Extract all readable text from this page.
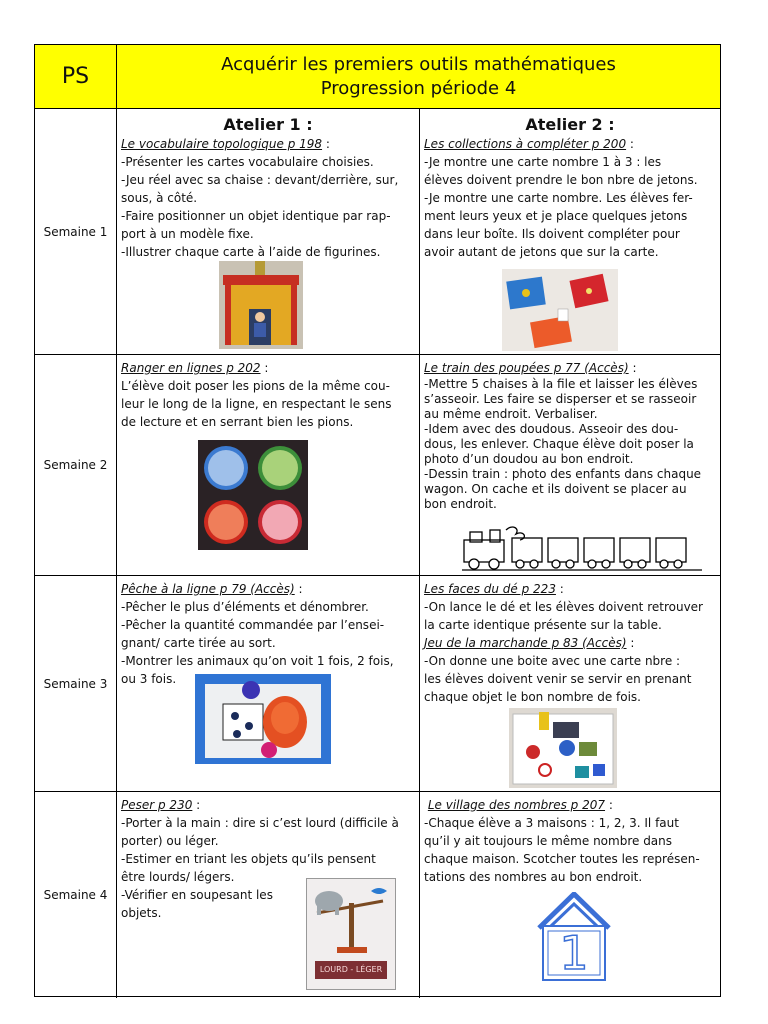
PS	Acquérir les premiers outils mathématiques
Progression période 4
Semaine 1
Atelier 1 :
Le vocabulaire topologique p 198 :
-Présenter les cartes vocabulaire choisies.
-Jeu réel avec sa chaise : devant/derrière, sur,
sous, à côté.
-Faire positionner un objet identique par rap-
port à un modèle fixe.
-Illustrer chaque carte à l’aide de figurines.
Atelier 2 :
Les collections à compléter p 200 :
-Je montre une carte nombre 1 à 3 : les
élèves doivent prendre le bon nbre de jetons.
-Je montre une carte nombre. Les élèves fer-
ment leurs yeux et je place quelques jetons
dans leur boîte. Ils doivent compléter pour
avoir autant de jetons que sur la carte.
Semaine 2
Ranger en lignes p 202 :
L’élève doit poser les pions de la même cou-
leur le long de la ligne, en respectant le sens
de lecture et en serrant bien les pions.
Le train des poupées p 77 (Accès) :
-Mettre 5 chaises à la file et laisser les élèves
s’asseoir. Les faire se disperser et se rasseoir
au même endroit. Verbaliser.
-Idem avec des doudous. Asseoir des dou-
dous, les enlever. Chaque élève doit poser la
photo d’un doudou au bon endroit.
-Dessin train : photo des enfants dans chaque
wagon. On cache et ils doivent se placer au
bon endroit.
Semaine 3
Pêche à la ligne p 79 (Accès) :
-Pêcher le plus d’éléments et dénombrer.
-Pêcher la quantité commandée par l’ensei-
gnant/ carte tirée au sort.
-Montrer les animaux qu’on voit 1 fois, 2 fois,
ou 3 fois.
Les faces du dé p 223 :
-On lance le dé et les élèves doivent retrouver
la carte identique présente sur la table.
Jeu de la marchande p 83 (Accès) :
-On donne une boite avec une carte nbre :
les élèves doivent venir se servir en prenant
chaque objet le bon nombre de fois.
Semaine 4
Peser p 230 :
-Porter à la main : dire si c’est lourd (difficile à
porter) ou léger.
-Estimer en triant les objets qu’ils pensent
être lourds/ légers.
-Vérifier en soupesant les
objets.
LOURD - LÉGER
Le village des nombres p 207 :
-Chaque élève a 3 maisons : 1, 2, 3. Il faut
qu’il y ait toujours le même nombre dans
chaque maison. Scotcher toutes les représen-
tations des nombres au bon endroit.
1
